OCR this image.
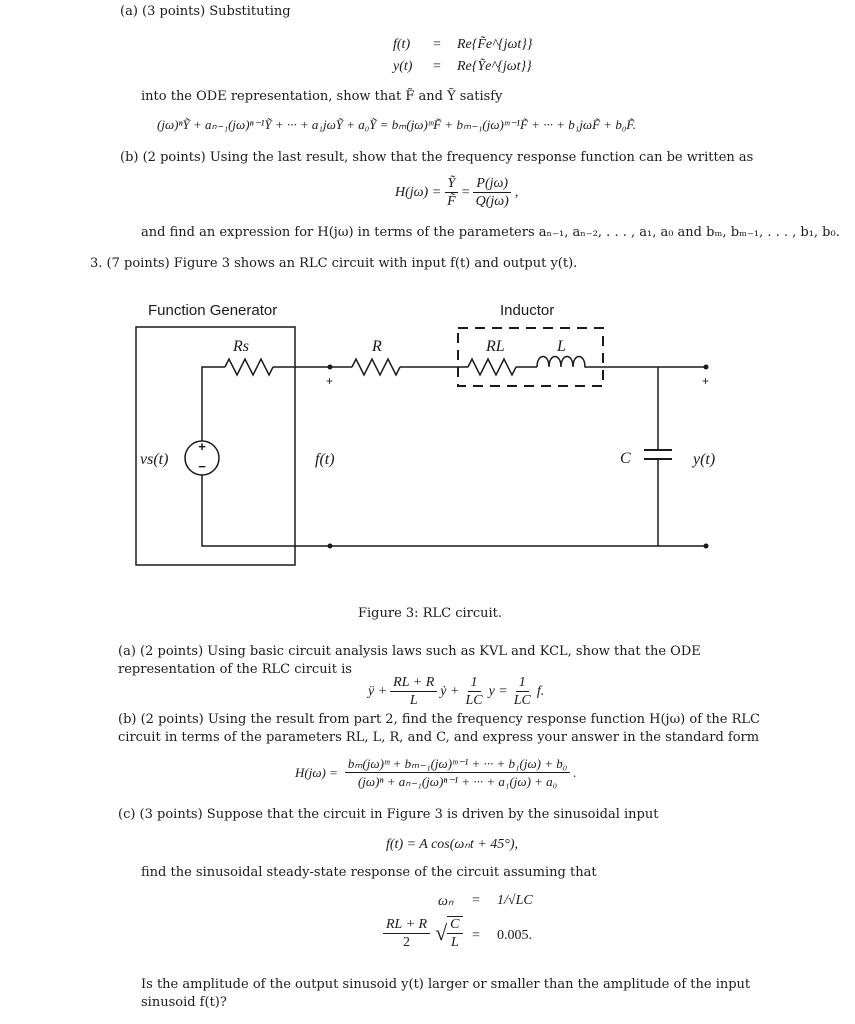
(a) (3 points) Substituting
f(t) = Re{F̃e^{jωt}}
y(t) = Re{Ỹe^{jωt}}
into the ODE representation, show that F̃ and Ỹ satisfy
(jω)ⁿỸ + aₙ₋₁(jω)ⁿ⁻¹Ỹ + ··· + a₁jωỸ + a₀Ỹ = bₘ(jω)ᵐF̃ + bₘ₋₁(jω)ᵐ⁻¹F̃ + ··· + b₁jωF̃ + b₀F̃.
(b) (2 points) Using the last result, show that the frequency response function can be written as
$H(j\omega) = \frac{\text{Ỹ}}{F̃} = \frac{P(j\omega)}{Q(j\omega)}$ ,
and find an expression for H(jω) in terms of the parameters aₙ₋₁, aₙ₋₂, . . . , a₁, a₀ and bₘ, bₘ₋₁, . . . , b₁, b₀.
3. (7 points) Figure 3 shows an RLC circuit with input f(t) and output y(t).
Function Generator	Inductor
+
−
Rs	R	RL	L
vs(t)	f(t)	C	y(t)
+
−
+
−
Figure 3: RLC circuit.
(a) (2 points) Using basic circuit analysis laws such as KVL and KCL, show that the ODE representation of the RLC circuit is
ÿ + $\frac{RL + R}{L}$ ẏ + $\frac{1}{LC}$ $y = \frac{1}{LC} f$.
(b) (2 points) Using the result from part 2, find the frequency response function H(jω) of the RLC circuit in terms of the parameters RL, L, R, and C, and express your answer in the standard form
$H(j\omega) = \frac{\text{bₘ(jω)ᵐ + bₘ₋₁(jω)ᵐ⁻¹ + ··· + b₁(jω) + b₀}}{\text{(jω)ⁿ + aₙ₋₁(jω)ⁿ⁻¹ + ··· + a₁(jω) + a₀}}$ .
(c) (3 points) Suppose that the circuit in Figure 3 is driven by the sinusoidal input
f(t) = A cos(ωₙt + 45°),
find the sinusoidal steady-state response of the circuit assuming that
ωₙ = 1/√LC
$\frac{RL + R}{2}$ √ $\frac{C}{L} = 0.005$.
Is the amplitude of the output sinusoid y(t) larger or smaller than the amplitude of the input sinusoid f(t)?
